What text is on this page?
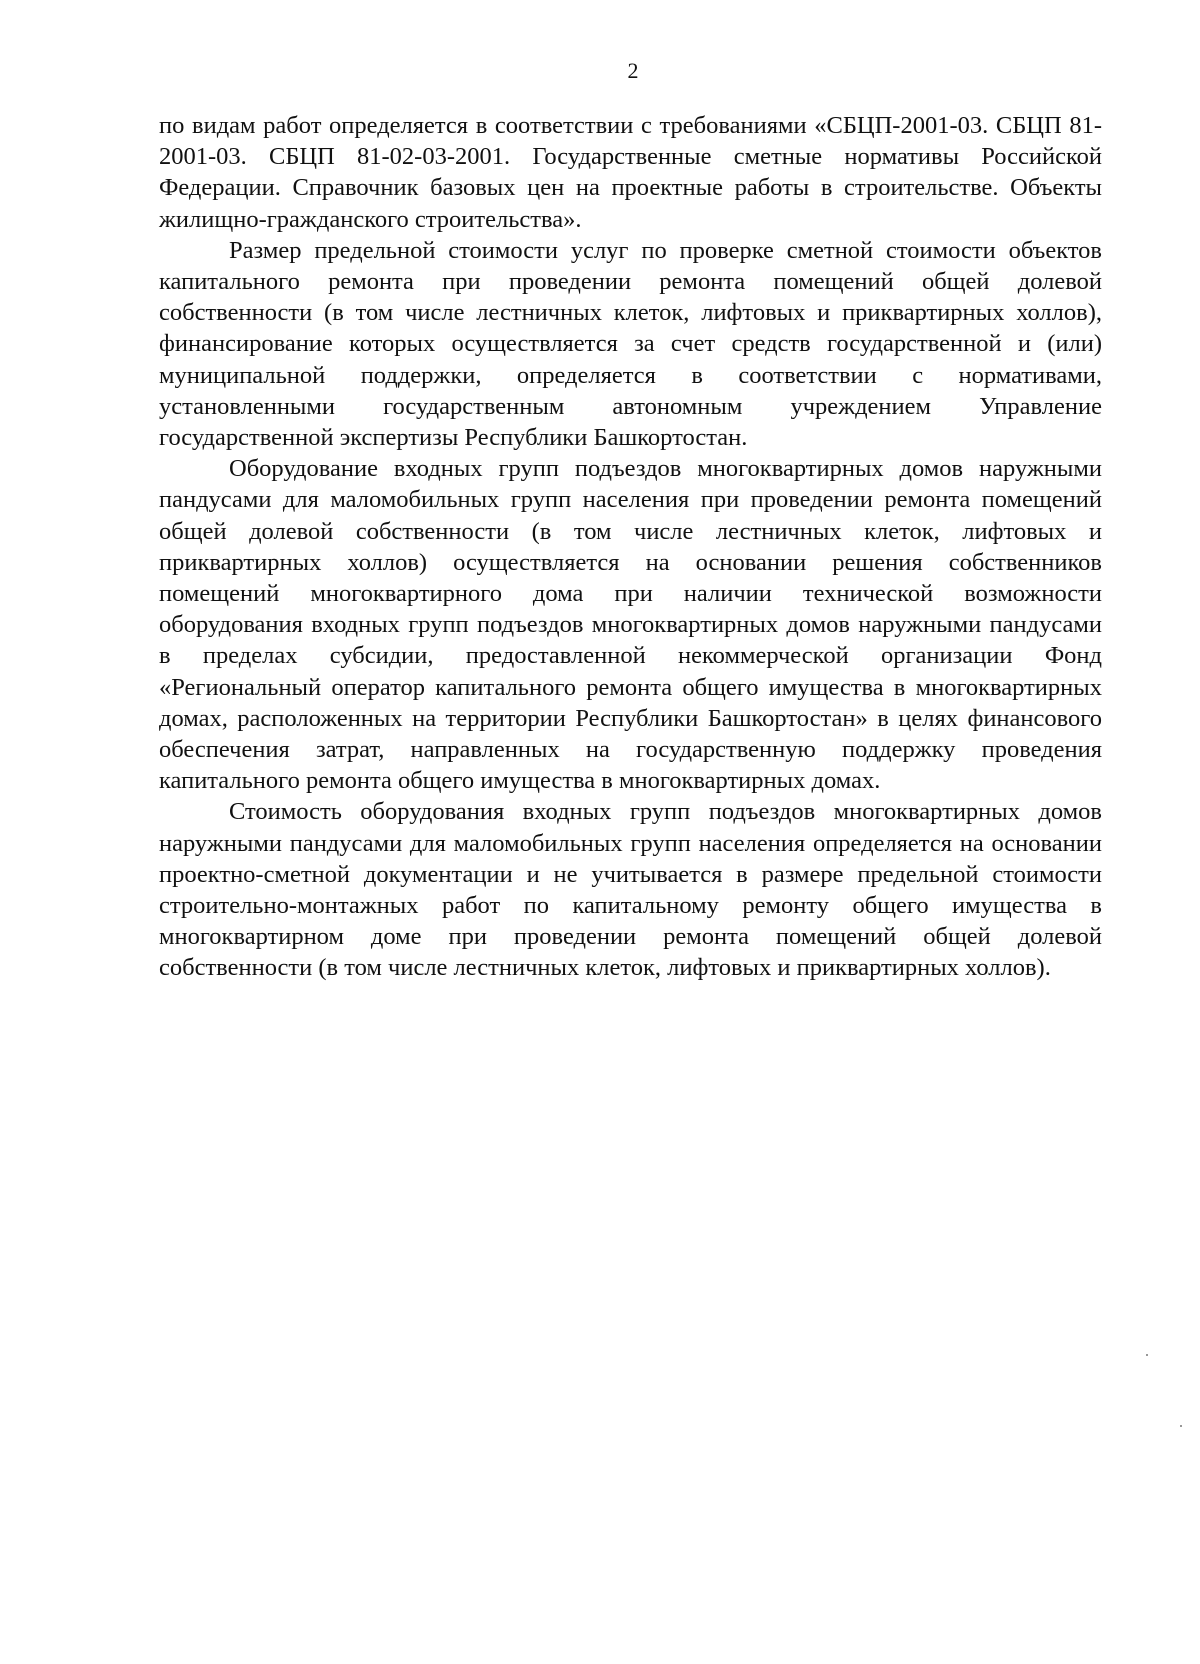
2

по видам работ определяется в соответствии с требованиями «СБЦП-2001-03. СБЦП 81-2001-03. СБЦП 81-02-03-2001. Государственные сметные нормативы Российской Федерации. Справочник базовых цен на проектные работы в строительстве. Объекты жилищно-гражданского строительства».

Размер предельной стоимости услуг по проверке сметной стоимости объектов капитального ремонта при проведении ремонта помещений общей долевой собственности (в том числе лестничных клеток, лифтовых и приквартирных холлов), финансирование которых осуществляется за счет средств государственной и (или) муниципальной поддержки, определяется в соответствии с нормативами, установленными государственным автономным учреждением Управление государственной экспертизы Республики Башкортостан.

Оборудование входных групп подъездов многоквартирных домов наружными пандусами для маломобильных групп населения при проведении ремонта помещений общей долевой собственности (в том числе лестничных клеток, лифтовых и приквартирных холлов) осуществляется на основании решения собственников помещений многоквартирного дома при наличии технической возможности оборудования входных групп подъездов многоквартирных домов наружными пандусами в пределах субсидии, предоставленной некоммерческой организации Фонд «Региональный оператор капитального ремонта общего имущества в многоквартирных домах, расположенных на территории Республики Башкортостан» в целях финансового обеспечения затрат, направленных на государственную поддержку проведения капитального ремонта общего имущества в многоквартирных домах.

Стоимость оборудования входных групп подъездов многоквартирных домов наружными пандусами для маломобильных групп населения определяется на основании проектно-сметной документации и не учитывается в размере предельной стоимости строительно-монтажных работ по капитальному ремонту общего имущества в многоквартирном доме при проведении ремонта помещений общей долевой собственности (в том числе лестничных клеток, лифтовых и приквартирных холлов).
